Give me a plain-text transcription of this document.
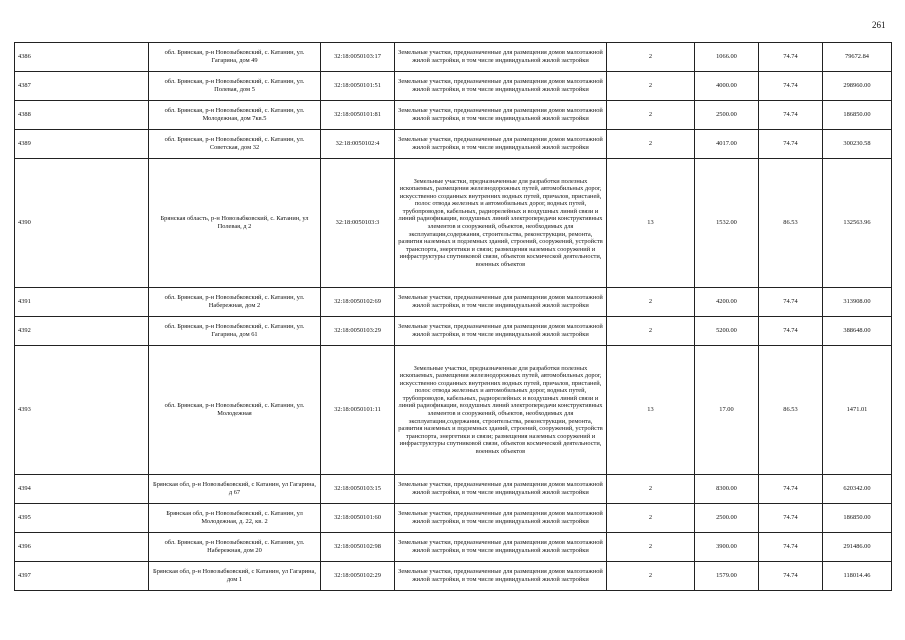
261
4386	обл. Брянская, р-н Новозыбковский, с. Катанин, ул. Гагарина, дом 49	32:18:0050103:17	Земельные участки, предназначенные для размещения домов малоэтажной жилой застройки, в том числе индивидуальной жилой застройки	2	1066.00	74.74	79672.84
4387	обл. Брянская, р-н Новозыбковский, с. Катанин, ул. Полевая, дом 5	32:18:0050101:51	Земельные участки, предназначенные для размещения домов малоэтажной жилой застройки, в том числе индивидуальной жилой застройки	2	4000.00	74.74	298960.00
4388	обл. Брянская, р-н Новозыбковский, с. Катанин, ул. Молодежная, дом 7кв.5	32:18:0050101:81	Земельные участки, предназначенные для размещения домов малоэтажной жилой застройки, в том числе индивидуальной жилой застройки	2	2500.00	74.74	186850.00
4389	обл. Брянская, р-н Новозыбковский, с. Катанин, ул. Советская, дом 32	32:18:0050102:4	Земельные участки, предназначенные для размещения домов малоэтажной жилой застройки, в том числе индивидуальной жилой застройки	2	4017.00	74.74	300230.58
4390	Брянская область, р-н Новозыбковский, с. Катанин, ул Полевая, д 2	32:18:0050103:3	Земельные участки, предназначенные для разработки полезных ископаемых, размещения железнодорожных путей, автомобильных дорог, искусственно созданных внутренних водных путей, причалов, пристаней, полос отвода железных и автомобильных дорог, водных путей, трубопроводов, кабельных, радиорелейных и воздушных линий связи и линий радиофикации, воздушных линий электропередачи конструктивных элементов и сооружений, объектов, необходимых для эксплуатации,содержания, строительства, реконструкции, ремонта, развития наземных и подземных зданий, строений, сооружений, устройств транспорта, энергетики и связи; размещения наземных сооружений и инфраструктуры спутниковой связи, объектов космической деятельности, военных объектов	13	1532.00	86.53	132563.96
4391	обл. Брянская, р-н Новозыбковский, с. Катанин, ул. Набережная, дом 2	32:18:0050102:69	Земельные участки, предназначенные для размещения домов малоэтажной жилой застройки, в том числе индивидуальной жилой застройки	2	4200.00	74.74	313908.00
4392	обл. Брянская, р-н Новозыбковский, с. Катанин, ул. Гагарина, дом 61	32:18:0050103:29	Земельные участки, предназначенные для размещения домов малоэтажной жилой застройки, в том числе индивидуальной жилой застройки	2	5200.00	74.74	388648.00
4393	обл. Брянская, р-н Новозыбковский, с. Катанин, ул. Молодежная	32:18:0050101:11	Земельные участки, предназначенные для разработки полезных ископаемых, размещения железнодорожных путей, автомобильных дорог, искусственно созданных внутренних водных путей, причалов, пристаней, полос отвода железных и автомобильных дорог, водных путей, трубопроводов, кабельных, радиорелейных и воздушных линий связи и линий радиофикации, воздушных линий электропередачи конструктивных элементов и сооружений, объектов, необходимых для эксплуатации,содержания, строительства, реконструкции, ремонта, развития наземных и подземных зданий, строений, сооружений, устройств транспорта, энергетики и связи; размещения наземных сооружений и инфраструктуры спутниковой связи, объектов космической деятельности, военных объектов	13	17.00	86.53	1471.01
4394	Брянская обл, р-н Новозыбковский, с Катанин, ул Гагарина, д 67	32:18:0050103:15	Земельные участки, предназначенные для размещения домов малоэтажной жилой застройки, в том числе индивидуальной жилой застройки	2	8300.00	74.74	620342.00
4395	Брянская обл, р-н Новозыбковский, с. Катанин, ул Молодежная, д. 22, кв. 2	32:18:0050101:60	Земельные участки, предназначенные для размещения домов малоэтажной жилой застройки, в том числе индивидуальной жилой застройки	2	2500.00	74.74	186850.00
4396	обл. Брянская, р-н Новозыбковский, с. Катанин, ул. Набережная, дом 20	32:18:0050102:98	Земельные участки, предназначенные для размещения домов малоэтажной жилой застройки, в том числе индивидуальной жилой застройки	2	3900.00	74.74	291486.00
4397	Брянская обл, р-н Новозыбковский, с Катанин, ул Гагарина, дом 1	32:18:0050102:29	Земельные участки, предназначенные для размещения домов малоэтажной жилой застройки, в том числе индивидуальной жилой застройки	2	1579.00	74.74	118014.46
